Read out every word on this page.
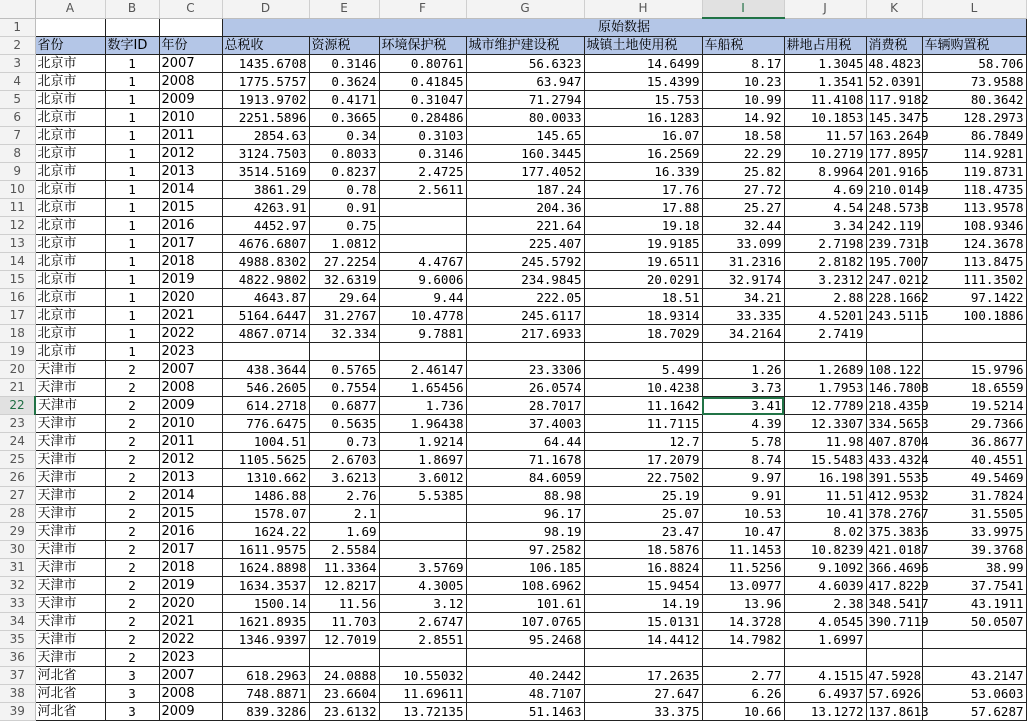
	A	B	C	D	E	F	G	H	I	J	K	L
1				原始数据								
2	省份	数字ID	年份	总税收	资源税	环境保护税	城市维护建设税	城镇土地使用税	车船税	耕地占用税	消费税	车辆购置税
3	北京市	1	2007	1435.6708	0.3146	0.80761	56.6323	14.6499	8.17	1.3045	48.4823	58.706
4	北京市	1	2008	1775.5757	0.3624	0.41845	63.947	15.4399	10.23	1.3541	52.0391	73.9588
5	北京市	1	2009	1913.9702	0.4171	0.31047	71.2794	15.753	10.99	11.4108	117.9182	80.3642
6	北京市	1	2010	2251.5896	0.3665	0.28486	80.0033	16.1283	14.92	10.1853	145.3475	128.2973
7	北京市	1	2011	2854.63	0.34	0.3103	145.65	16.07	18.58	11.57	163.2649	86.7849
8	北京市	1	2012	3124.7503	0.8033	0.3146	160.3445	16.2569	22.29	10.2719	177.8957	114.9281
9	北京市	1	2013	3514.5169	0.8237	2.4725	177.4052	16.339	25.82	8.9964	201.9165	119.8731
10	北京市	1	2014	3861.29	0.78	2.5611	187.24	17.76	27.72	4.69	210.0149	118.4735
11	北京市	1	2015	4263.91	0.91		204.36	17.88	25.27	4.54	248.5738	113.9578
12	北京市	1	2016	4452.97	0.75		221.64	19.18	32.44	3.34	242.119	108.9346
13	北京市	1	2017	4676.6807	1.0812		225.407	19.9185	33.099	2.7198	239.7318	124.3678
14	北京市	1	2018	4988.8302	27.2254	4.4767	245.5792	19.6511	31.2316	2.8182	195.7007	113.8475
15	北京市	1	2019	4822.9802	32.6319	9.6006	234.9845	20.0291	32.9174	3.2312	247.0212	111.3502
16	北京市	1	2020	4643.87	29.64	9.44	222.05	18.51	34.21	2.88	228.1662	97.1422
17	北京市	1	2021	5164.6447	31.2767	10.4778	245.6117	18.9314	33.335	4.5201	243.5115	100.1886
18	北京市	1	2022	4867.0714	32.334	9.7881	217.6933	18.7029	34.2164	2.7419		
19	北京市	1	2023									
20	天津市	2	2007	438.3644	0.5765	2.46147	23.3306	5.499	1.26	1.2689	108.122	15.9796
21	天津市	2	2008	546.2605	0.7554	1.65456	26.0574	10.4238	3.73	1.7953	146.7808	18.6559
22	天津市	2	2009	614.2718	0.6877	1.736	28.7017	11.1642	3.41	12.7789	218.4359	19.5214
23	天津市	2	2010	776.6475	0.5635	1.96438	37.4003	11.7115	4.39	12.3307	334.5653	29.7366
24	天津市	2	2011	1004.51	0.73	1.9214	64.44	12.7	5.78	11.98	407.8704	36.8677
25	天津市	2	2012	1105.5625	2.6703	1.8697	71.1678	17.2079	8.74	15.5483	433.4324	40.4551
26	天津市	2	2013	1310.662	3.6213	3.6012	84.6059	22.7502	9.97	16.198	391.5535	49.5469
27	天津市	2	2014	1486.88	2.76	5.5385	88.98	25.19	9.91	11.51	412.9532	31.7824
28	天津市	2	2015	1578.07	2.1		96.17	25.07	10.53	10.41	378.2767	31.5505
29	天津市	2	2016	1624.22	1.69		98.19	23.47	10.47	8.02	375.3836	33.9975
30	天津市	2	2017	1611.9575	2.5584		97.2582	18.5876	11.1453	10.8239	421.0187	39.3768
31	天津市	2	2018	1624.8898	11.3364	3.5769	106.185	16.8824	11.5256	9.1092	366.4696	38.99
32	天津市	2	2019	1634.3537	12.8217	4.3005	108.6962	15.9454	13.0977	4.6039	417.8229	37.7541
33	天津市	2	2020	1500.14	11.56	3.12	101.61	14.19	13.96	2.38	348.5417	43.1911
34	天津市	2	2021	1621.8935	11.703	2.6747	107.0765	15.0131	14.3728	4.0545	390.7119	50.0507
35	天津市	2	2022	1346.9397	12.7019	2.8551	95.2468	14.4412	14.7982	1.6997		
36	天津市	2	2023									
37	河北省	3	2007	618.2963	24.0888	10.55032	40.2442	17.2635	2.77	4.1515	47.5928	43.2147
38	河北省	3	2008	748.8871	23.6604	11.69611	48.7107	27.647	6.26	6.4937	57.6926	53.0603
39	河北省	3	2009	839.3286	23.6132	13.72135	51.1463	33.375	10.66	13.1272	137.8613	57.6287
